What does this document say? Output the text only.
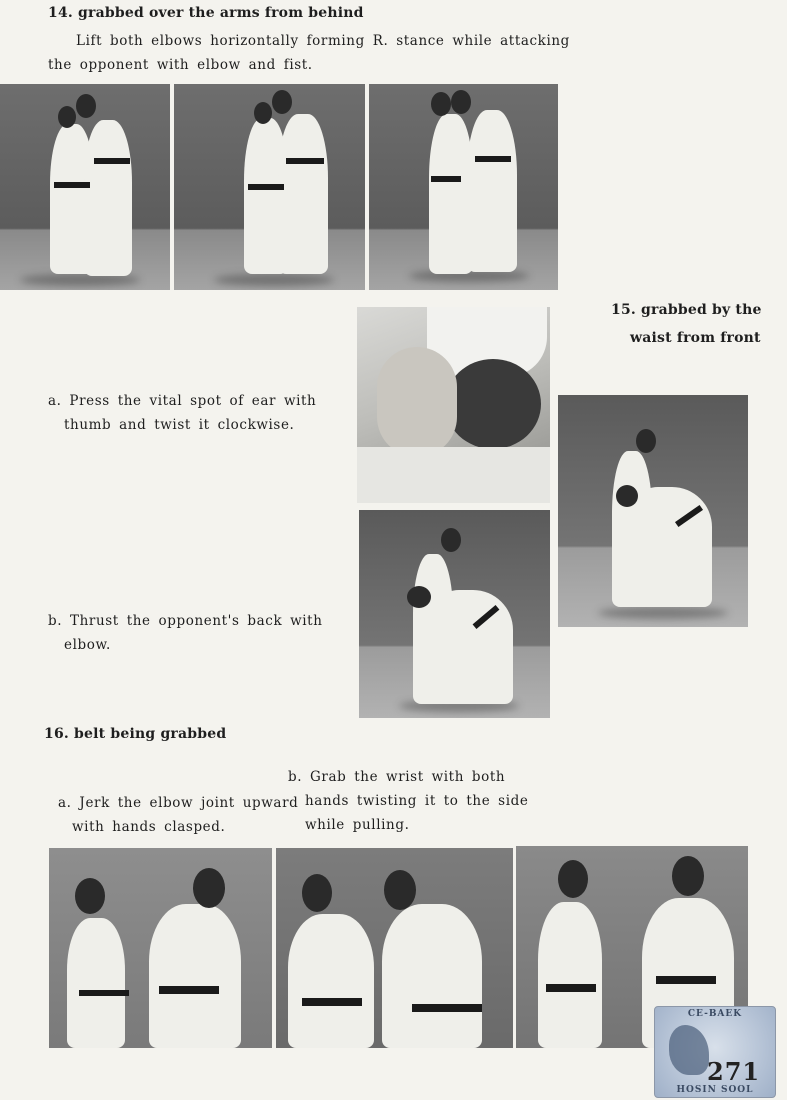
14. grabbed over the arms from behind
Lift both elbows horizontally forming R. stance while attacking
the opponent with elbow and fist.
15. grabbed by the
waist from front
a. Press the vital spot of ear with
thumb and twist it clockwise.
b. Thrust the opponent's back with
elbow.
16. belt being grabbed
a. Jerk the elbow joint upward
with hands clasped.
b. Grab the wrist with both
hands twisting it to the side
while pulling.
CE-BAEK
271
HOSIN SOOL
